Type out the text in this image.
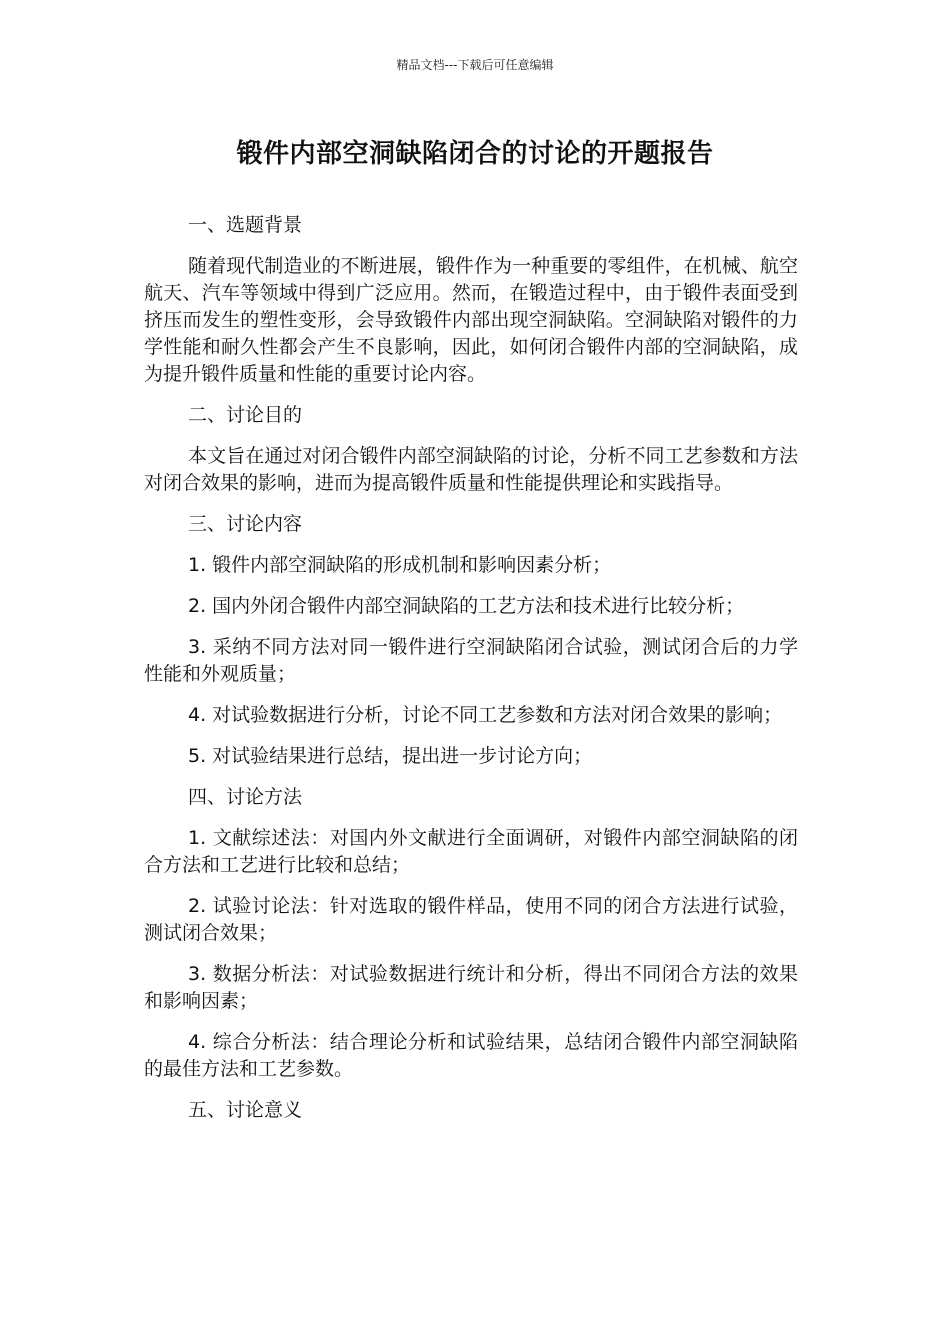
精品文档---下载后可任意编辑
锻件内部空洞缺陷闭合的讨论的开题报告
一、选题背景

随着现代制造业的不断进展，锻件作为一种重要的零组件，在机械、航空航天、汽车等领域中得到广泛应用。然而，在锻造过程中，由于锻件表面受到挤压而发生的塑性变形，会导致锻件内部出现空洞缺陷。空洞缺陷对锻件的力学性能和耐久性都会产生不良影响，因此，如何闭合锻件内部的空洞缺陷，成为提升锻件质量和性能的重要讨论内容。

二、讨论目的

本文旨在通过对闭合锻件内部空洞缺陷的讨论，分析不同工艺参数和方法对闭合效果的影响，进而为提高锻件质量和性能提供理论和实践指导。

三、讨论内容

1. 锻件内部空洞缺陷的形成机制和影响因素分析；

2. 国内外闭合锻件内部空洞缺陷的工艺方法和技术进行比较分析；

3. 采纳不同方法对同一锻件进行空洞缺陷闭合试验，测试闭合后的力学性能和外观质量；

4. 对试验数据进行分析，讨论不同工艺参数和方法对闭合效果的影响；

5. 对试验结果进行总结，提出进一步讨论方向；

四、讨论方法

1. 文献综述法：对国内外文献进行全面调研，对锻件内部空洞缺陷的闭合方法和工艺进行比较和总结；

2. 试验讨论法：针对选取的锻件样品，使用不同的闭合方法进行试验，测试闭合效果；

3. 数据分析法：对试验数据进行统计和分析，得出不同闭合方法的效果和影响因素；

4. 综合分析法：结合理论分析和试验结果，总结闭合锻件内部空洞缺陷的最佳方法和工艺参数。

五、讨论意义
